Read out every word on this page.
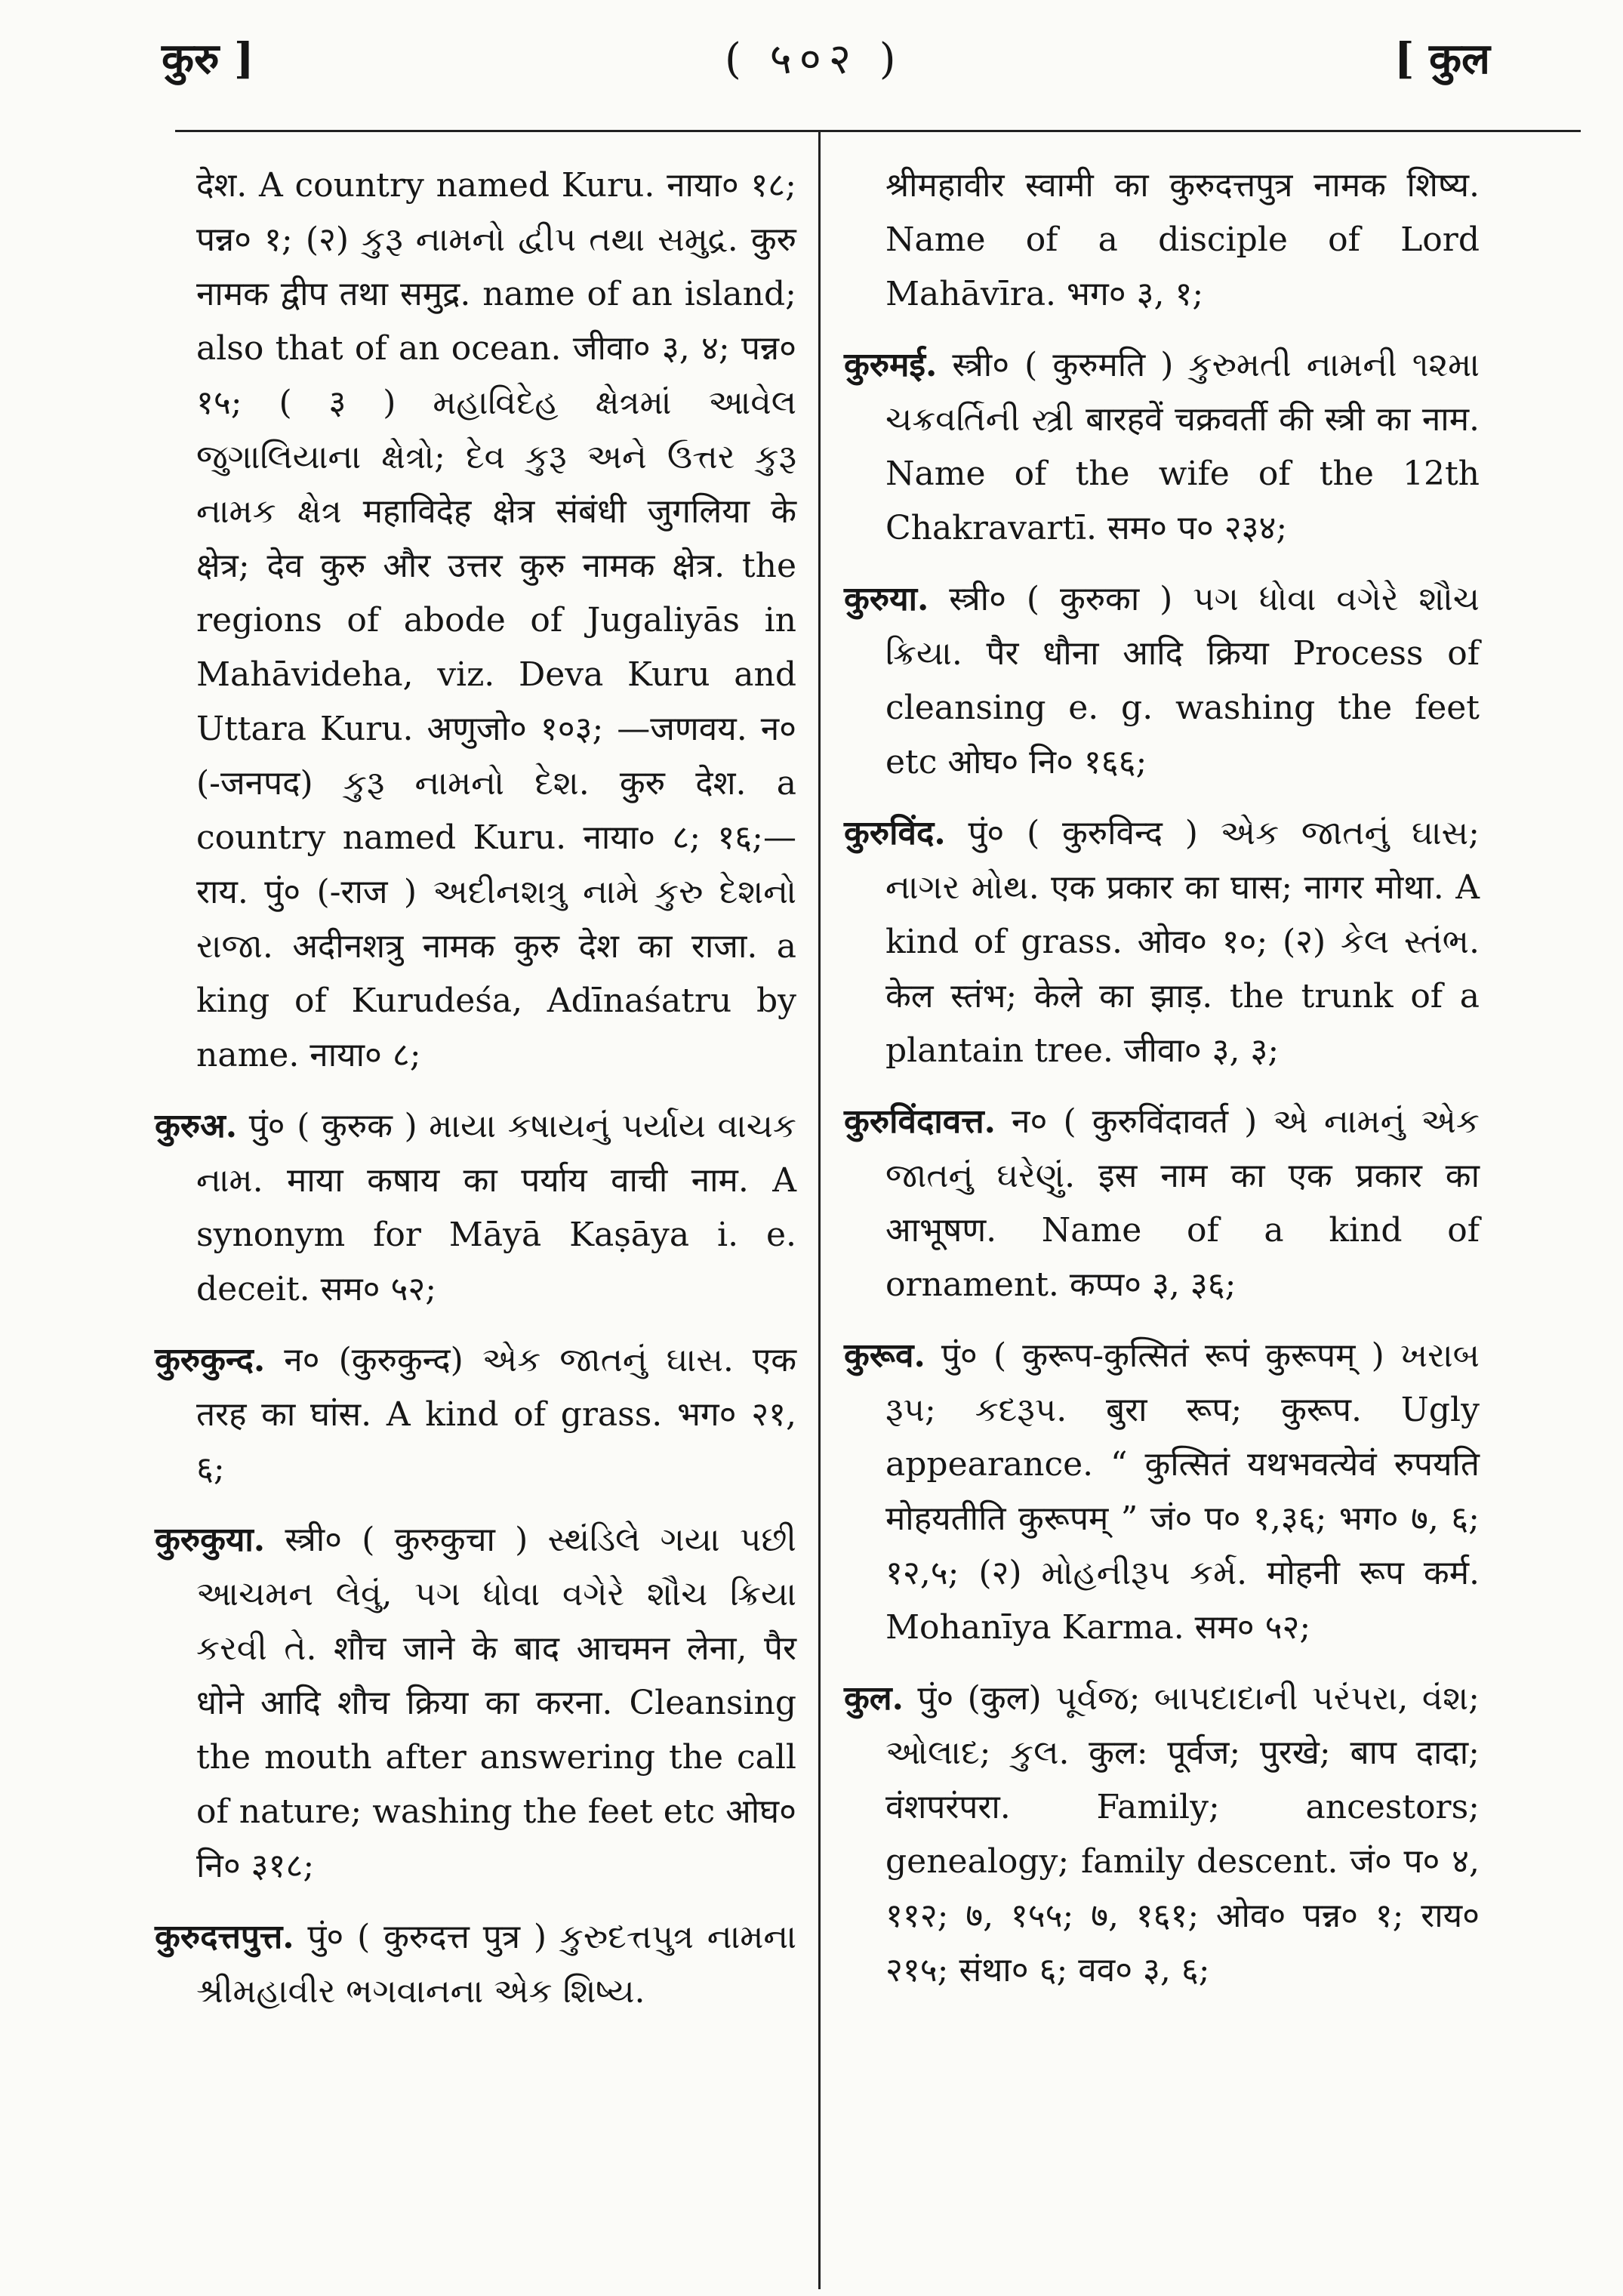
कुरु ]	( ५०२ )	[ कुल

देश. A country named Kuru. नाया० १८; पन्न० १; (२) કુરૂ નામનો દ્વીપ તથા સમુદ્ર. कुरु नामक द्वीप तथा समुद्र. name of an island; also that of an ocean. जीवा० ३, ४; पन्न० १५; ( ३ ) મહાવિદેહ ક્ષેત્રમાં આવેલ જુગાલિયાના ક્ષેત્રો; દેવ કુરૂ અને ઉત્તર કુરૂ નામક ક્ષેત્ર महाविदेह क्षेत्र संबंधी जुगलिया के क्षेत्र; देव कुरु और उत्तर कुरु नामक क्षेत्र. the regions of abode of Jugaliyās in Mahāvideha, viz. Deva Kuru and Uttara Kuru. अणुजो० १०३; —जणवय. न० (-जनपद) કુરૂ નામનો દેશ. कुरु देश. a country named Kuru. नाया० ८; १६;—राय. पुं० (-राज ) અદીનશત્રુ નામે કુરુ દેશનો રાજા. अदीनशत्रु नामक कुरु देश का राजा. a king of Kurudeśa, Adīnaśatru by name. नाया० ८;

कुरुअ. पुं० ( कुरुक ) માયા કષાયનું પર્યાય વાચક નામ. माया कषाय का पर्याय वाची नाम. A synonym for Māyā Kaṣāya i. e. deceit. सम० ५२;

कुरुकुन्द. न० (कुरुकुन्द) એક જાતનું ઘાસ. एक तरह का घांस. A kind of grass. भग० २१, ६;

कुरुकुया. स्त्री० ( कुरुकुचा ) સ્થંડિલે ગયા પછી આચમન લેવું, પગ ધોવા વગેરે શૌચ ક્રિયા કરવી તે. शौच जाने के बाद आचमन लेना, पैर धोने आदि शौच क्रिया का करना. Cleansing the mouth after answering the call of nature; washing the feet etc ओघ० नि० ३१८;

कुरुदत्तपुत्त. पुं० ( कुरुदत्त पुत्र ) કુરુદત્તપુત્ર નામના શ્રીમહાવીર ભગવાનના એક શિષ્ય.

श्रीमहावीर स्वामी का कुरुदत्तपुत्र नामक शिष्य. Name of a disciple of Lord Mahāvīra. भग० ३, १;

कुरुमई. स्त्री० ( कुरुमति ) કુરુમતી નામની ૧૨મા ચક્રવર્તિની સ્ત્રી बारहवें चक्रवर्ती की स्त्री का नाम. Name of the wife of the 12th Chakravartī. सम० प० २३४;

कुरुया. स्त्री० ( कुरुका ) પગ ધોવા વગેરે શૌચ ક્રિયા. पैर धौना आदि क्रिया Process of cleansing e. g. washing the feet etc ओघ० नि० १६६;

कुरुविंद. पुं० ( कुरुविन्द ) એક જાતનું ઘાસ; નાગર મોથ. एक प्रकार का घास; नागर मोथा. A kind of grass. ओव० १०; (२) કેલ સ્તંભ. केल स्तंभ; केले का झाड़. the trunk of a plantain tree. जीवा० ३, ३;

कुरुविंदावत्त. न० ( कुरुविंदावर्त ) એ નામનું એક જાતનું ઘરેણું. इस नाम का एक प्रकार का आभूषण. Name of a kind of ornament. कप्प० ३, ३६;

कुरूव. पुं० ( कुरूप-कुत्सितं रूपं कुरूपम् ) ખરાબ રૂપ; કદરૂપ. बुरा रूप; कुरूप. Ugly appearance. “ कुत्सितं यथभवत्येवं रुपयति मोहयतीति कुरूपम् ” जं० प० १,३६; भग० ७, ६; १२,५; (२) મોહનીરૂપ કર્મ. मोहनी रूप कर्म. Mohanīya Karma. सम० ५२;

कुल. पुं० (कुल) પૂર્વજ; બાપદાદાની પરંપરા, વંશ; ઓલાદ; કુલ. कुल: पूर्वज; पुरखे; बाप दादा; वंशपरंपरा. Family; ancestors; genealogy; family descent. जं० प० ४, ११२; ७, १५५; ७, १६१; ओव० पन्न० १; राय० २१५; संथा० ६; वव० ३, ६;
